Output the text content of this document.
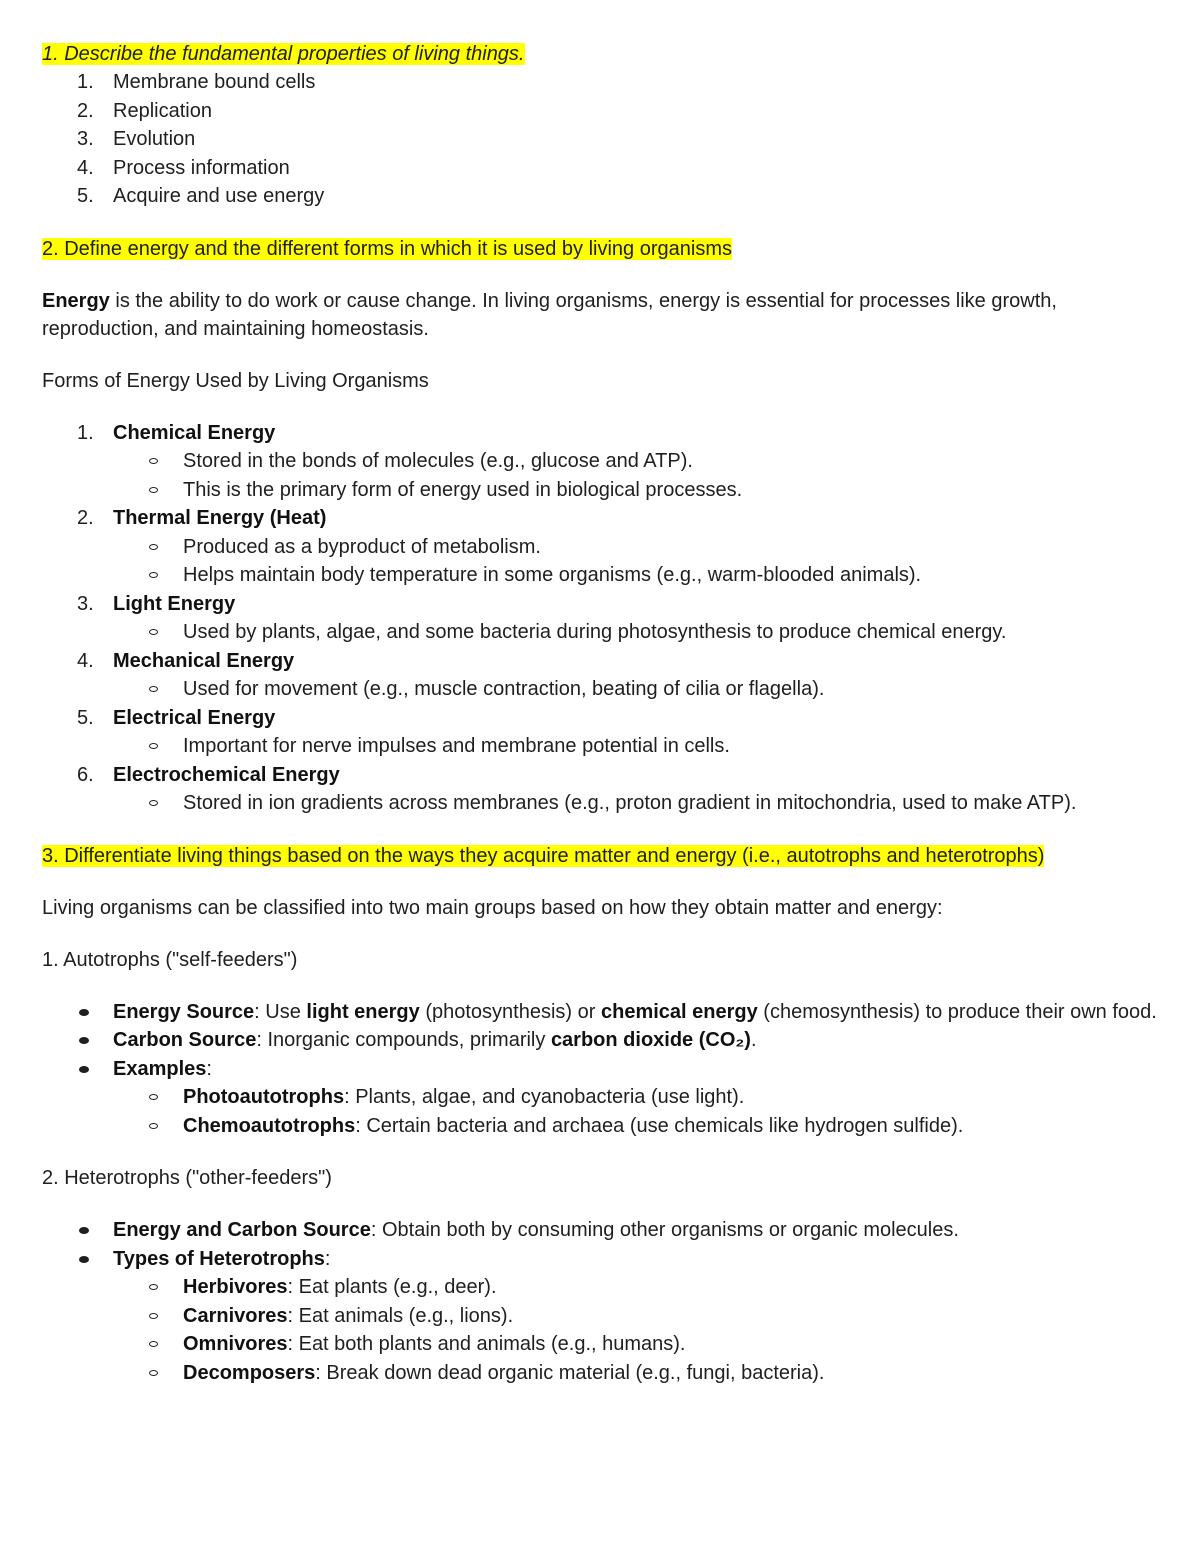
1. Describe the fundamental properties of living things.

1. Membrane bound cells
2. Replication
3. Evolution
4. Process information
5. Acquire and use energy

2. Define energy and the different forms in which it is used by living organisms

Energy is the ability to do work or cause change. In living organisms, energy is essential for processes like growth, reproduction, and maintaining homeostasis.

Forms of Energy Used by Living Organisms

1. Chemical Energy
Stored in the bonds of molecules (e.g., glucose and ATP).
This is the primary form of energy used in biological processes.
2. Thermal Energy (Heat)
Produced as a byproduct of metabolism.
Helps maintain body temperature in some organisms (e.g., warm-blooded animals).
3. Light Energy
Used by plants, algae, and some bacteria during photosynthesis to produce chemical energy.
4. Mechanical Energy
Used for movement (e.g., muscle contraction, beating of cilia or flagella).
5. Electrical Energy
Important for nerve impulses and membrane potential in cells.
6. Electrochemical Energy
Stored in ion gradients across membranes (e.g., proton gradient in mitochondria, used to make ATP).

3. Differentiate living things based on the ways they acquire matter and energy (i.e., autotrophs and heterotrophs)

Living organisms can be classified into two main groups based on how they obtain matter and energy:

1. Autotrophs ("self-feeders")

Energy Source: Use light energy (photosynthesis) or chemical energy (chemosynthesis) to produce their own food.
Carbon Source: Inorganic compounds, primarily carbon dioxide (CO₂).
Examples:
Photoautotrophs: Plants, algae, and cyanobacteria (use light).
Chemoautotrophs: Certain bacteria and archaea (use chemicals like hydrogen sulfide).

2. Heterotrophs ("other-feeders")

Energy and Carbon Source: Obtain both by consuming other organisms or organic molecules.
Types of Heterotrophs:
Herbivores: Eat plants (e.g., deer).
Carnivores: Eat animals (e.g., lions).
Omnivores: Eat both plants and animals (e.g., humans).
Decomposers: Break down dead organic material (e.g., fungi, bacteria).
